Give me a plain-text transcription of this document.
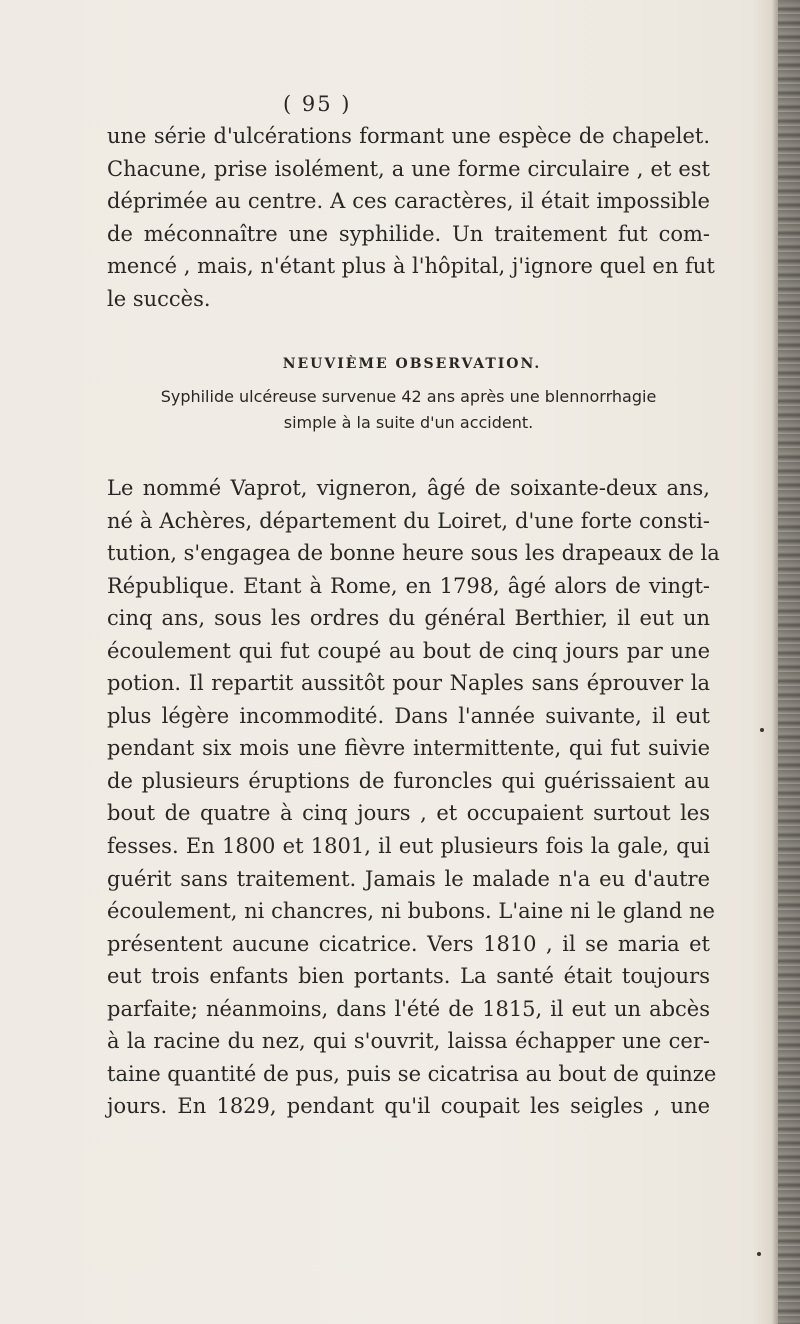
( 95 )
une série d'ulcérations formant une espèce de chapelet.
Chacune, prise isolément, a une forme circulaire , et est
déprimée au centre. A ces caractères, il était impossible
de méconnaître une syphilide. Un traitement fut com-
mencé , mais, n'étant plus à l'hôpital, j'ignore quel en fut
le succès.
NEUVIÈME OBSERVATION.
Syphilide ulcéreuse survenue 42 ans après une blennorrhagie
simple à la suite d'un accident.
Le nommé Vaprot, vigneron, âgé de soixante-deux ans,
né à Achères, département du Loiret, d'une forte consti-
tution, s'engagea de bonne heure sous les drapeaux de la
République. Etant à Rome, en 1798, âgé alors de vingt-
cinq ans, sous les ordres du général Berthier, il eut un
écoulement qui fut coupé au bout de cinq jours par une
potion. Il repartit aussitôt pour Naples sans éprouver la
plus légère incommodité. Dans l'année suivante, il eut
pendant six mois une fièvre intermittente, qui fut suivie
de plusieurs éruptions de furoncles qui guérissaient au
bout de quatre à cinq jours , et occupaient surtout les
fesses. En 1800 et 1801, il eut plusieurs fois la gale, qui
guérit sans traitement. Jamais le malade n'a eu d'autre
écoulement, ni chancres, ni bubons. L'aine ni le gland ne
présentent aucune cicatrice. Vers 1810 , il se maria et
eut trois enfants bien portants. La santé était toujours
parfaite; néanmoins, dans l'été de 1815, il eut un abcès
à la racine du nez, qui s'ouvrit, laissa échapper une cer-
taine quantité de pus, puis se cicatrisa au bout de quinze
jours. En 1829, pendant qu'il coupait les seigles , une
